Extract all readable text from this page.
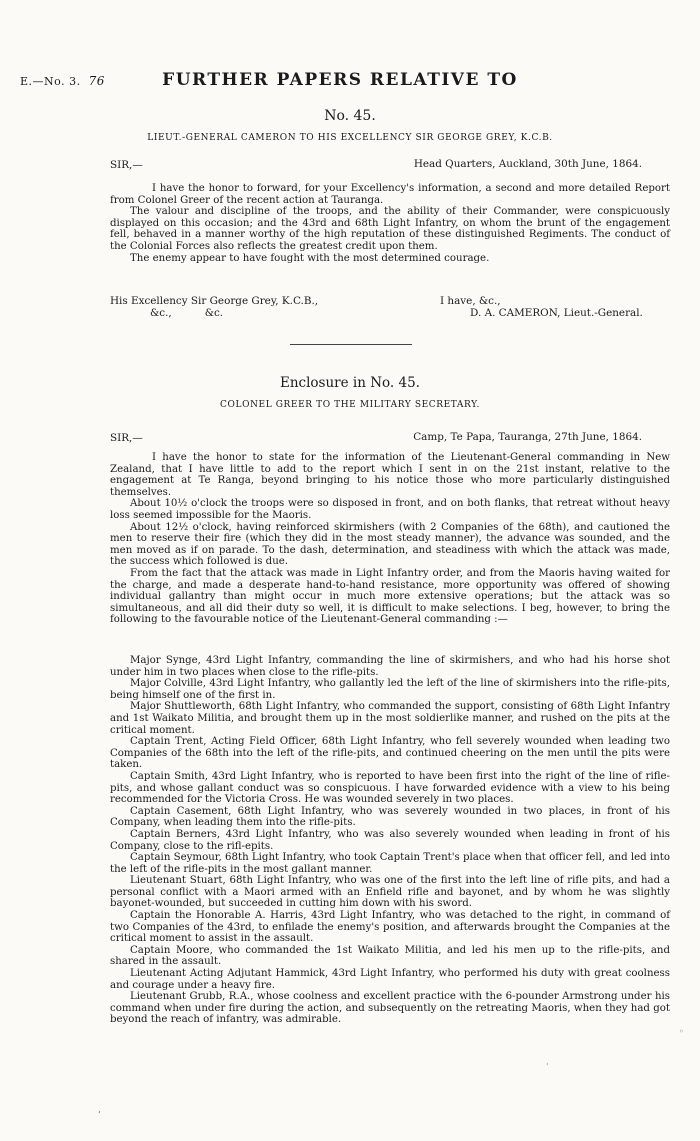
E.—No. 3. 76	FURTHER PAPERS RELATIVE TO
No. 45.
LIEUT.-GENERAL CAMERON TO HIS EXCELLENCY SIR GEORGE GREY, K.C.B.
SIR,—	Head Quarters, Auckland, 30th June, 1864.

I have the honor to forward, for your Excellency's information, a second and more detailed Report from Colonel Greer of the recent action at Tauranga.

The valour and discipline of the troops, and the ability of their Commander, were conspicuously displayed on this occasion; and the 43rd and 68th Light Infantry, on whom the brunt of the engagement fell, behaved in a manner worthy of the high reputation of these distinguished Regiments. The conduct of the Colonial Forces also reflects the greatest credit upon them.

The enemy appear to have fought with the most determined courage.

His Excellency Sir George Grey, K.C.B.,
&c.,          &c.
I have, &c.,
D. A. CAMERON, Lieut.-General.
Enclosure in No. 45.
COLONEL GREER TO THE MILITARY SECRETARY.
SIR,—	Camp, Te Papa, Tauranga, 27th June, 1864.

I have the honor to state for the information of the Lieutenant-General commanding in New Zealand, that I have little to add to the report which I sent in on the 21st instant, relative to the engagement at Te Ranga, beyond bringing to his notice those who more particularly distinguished themselves.

About 10½ o'clock the troops were so disposed in front, and on both flanks, that retreat without heavy loss seemed impossible for the Maoris.

About 12½ o'clock, having reinforced skirmishers (with 2 Companies of the 68th), and cautioned the men to reserve their fire (which they did in the most steady manner), the advance was sounded, and the men moved as if on parade. To the dash, determination, and steadiness with which the attack was made, the success which followed is due.

From the fact that the attack was made in Light Infantry order, and from the Maoris having waited for the charge, and made a desperate hand-to-hand resistance, more opportunity was offered of showing individual gallantry than might occur in much more extensive operations; but the attack was so simultaneous, and all did their duty so well, it is difficult to make selections. I beg, however, to bring the following to the favourable notice of the Lieutenant-General commanding :—

Major Synge, 43rd Light Infantry, commanding the line of skirmishers, and who had his horse shot under him in two places when close to the rifle-pits.

Major Colville, 43rd Light Infantry, who gallantly led the left of the line of skirmishers into the rifle-pits, being himself one of the first in.

Major Shuttleworth, 68th Light Infantry, who commanded the support, consisting of 68th Light Infantry and 1st Waikato Militia, and brought them up in the most soldierlike manner, and rushed on the pits at the critical moment.

Captain Trent, Acting Field Officer, 68th Light Infantry, who fell severely wounded when leading two Companies of the 68th into the left of the rifle-pits, and continued cheering on the men until the pits were taken.

Captain Smith, 43rd Light Infantry, who is reported to have been first into the right of the line of rifle-pits, and whose gallant conduct was so conspicuous. I have forwarded evidence with a view to his being recommended for the Victoria Cross. He was wounded severely in two places.

Captain Casement, 68th Light Infantry, who was severely wounded in two places, in front of his Company, when leading them into the rifle-pits.

Captain Berners, 43rd Light Infantry, who was also severely wounded when leading in front of his Company, close to the rifl-epits.

Captain Seymour, 68th Light Infantry, who took Captain Trent's place when that officer fell, and led into the left of the rifle-pits in the most gallant manner.

Lieutenant Stuart, 68th Light Infantry, who was one of the first into the left line of rifle pits, and had a personal conflict with a Maori armed with an Enfield rifle and bayonet, and by whom he was slightly bayonet-wounded, but succeeded in cutting him down with his sword.

Captain the Honorable A. Harris, 43rd Light Infantry, who was detached to the right, in command of two Companies of the 43rd, to enfilade the enemy's position, and afterwards brought the Companies at the critical moment to assist in the assault.

Captain Moore, who commanded the 1st Waikato Militia, and led his men up to the rifle-pits, and shared in the assault.

Lieutenant Acting Adjutant Hammick, 43rd Light Infantry, who performed his duty with great coolness and courage under a heavy fire.

Lieutenant Grubb, R.A., whose coolness and excellent practice with the 6-pounder Armstrong under his command when under fire during the action, and subsequently on the retreating Maoris, when they had got beyond the reach of infantry, was admirable.

◦
·
‘
